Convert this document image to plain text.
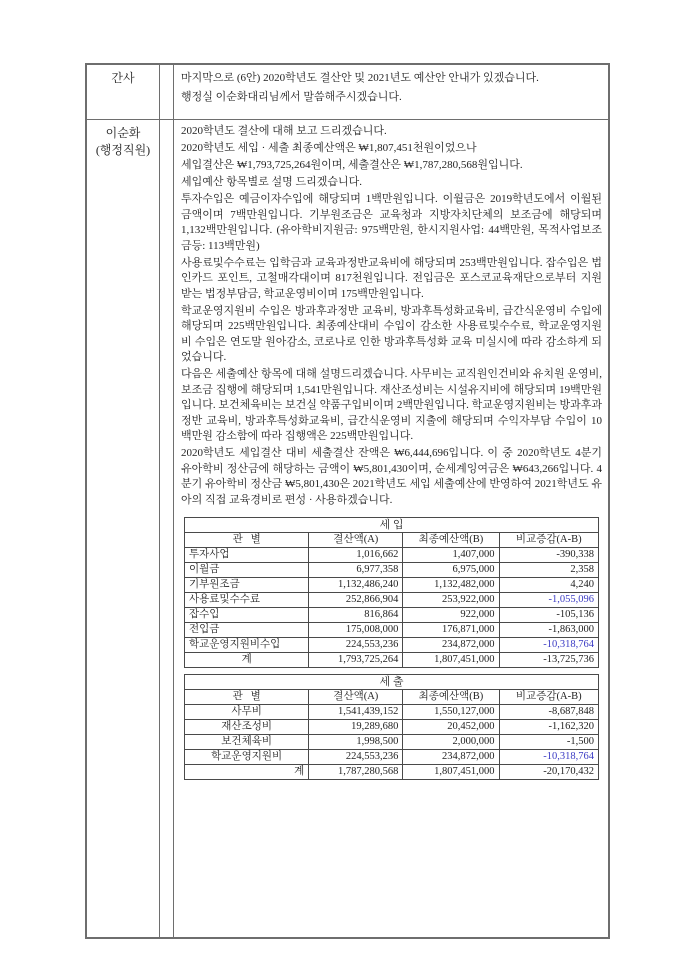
간사	마지막으로 (6안) 2020학년도 결산안 및 2021년도 예산안 안내가 있겠습니다.

행정실 이순화대리님께서 말씀해주시겠습니다.

이순화
(행정직원)

2020학년도 결산에 대해 보고 드리겠습니다.

2020학년도 세입 · 세출 최종예산액은 ₩1,807,451천원이었으나

세입결산은 ₩1,793,725,264원이며, 세출결산은 ₩1,787,280,568원입니다.

세입예산 항목별로 설명 드리겠습니다.

투자수입은 예금이자수입에 해당되며 1백만원입니다. 이월금은 2019학년도에서 이월된 금액이며 7백만원입니다. 기부원조금은 교육청과 지방자치단체의 보조금에 해당되며 1,132백만원입니다. (유아학비지원금: 975백만원, 한시지원사업: 44백만원, 목적사업보조금등: 113백만원)

사용료및수수료는 입학금과 교육과정반교육비에 해당되며 253백만원입니다. 잡수입은 법인카드 포인트, 고철매각대이며 817천원입니다. 전입금은 포스코교육재단으로부터 지원받는 법정부담금, 학교운영비이며 175백만원입니다.

학교운영지원비 수입은 방과후과정반 교육비, 방과후특성화교육비, 급간식운영비 수입에 해당되며 225백만원입니다. 최종예산대비 수입이 감소한 사용료및수수료, 학교운영지원비 수입은 연도말 원아감소, 코로나로 인한 방과후특성화 교육 미실시에 따라 감소하게 되었습니다.

다음은 세출예산 항목에 대해 설명드리겠습니다. 사무비는 교직원인건비와 유치원 운영비, 보조금 집행에 해당되며 1,541만원입니다. 재산조성비는 시설유지비에 해당되며 19백만원입니다. 보건체육비는 보건실 약품구입비이며 2백만원입니다. 학교운영지원비는 방과후과정반 교육비, 방과후특성화교육비, 급간식운영비 지출에 해당되며 수익자부담 수입이 10백만원 감소함에 따라 집행액은 225백만원입니다.

2020학년도 세입결산 대비 세출결산 잔액은 ₩6,444,696입니다. 이 중 2020학년도 4분기 유아학비 정산금에 해당하는 금액이 ₩5,801,430이며, 순세계잉여금은 ₩643,266입니다. 4분기 유아학비 정산금 ₩5,801,430은 2021학년도 세입 세출예산에 반영하여 2021학년도 유아의 직접 교육경비로 편성 · 사용하겠습니다.

세 입			
관   별	결산액(A)	최종예산액(B)	비교증감(A-B)
투자사업	1,016,662	1,407,000	-390,338
이월금	6,977,358	6,975,000	2,358
기부원조금	1,132,486,240	1,132,482,000	4,240
사용료및수수료	252,866,904	253,922,000	-1,055,096
잡수입	816,864	922,000	-105,136
전입금	175,008,000	176,871,000	-1,863,000
학교운영지원비수입	224,553,236	234,872,000	-10,318,764
계	1,793,725,264	1,807,451,000	-13,725,736
세 출			
관   별	결산액(A)	최종예산액(B)	비교증감(A-B)
사무비	1,541,439,152	1,550,127,000	-8,687,848
재산조성비	19,289,680	20,452,000	-1,162,320
보건체육비	1,998,500	2,000,000	-1,500
학교운영지원비	224,553,236	234,872,000	-10,318,764
계	1,787,280,568	1,807,451,000	-20,170,432
